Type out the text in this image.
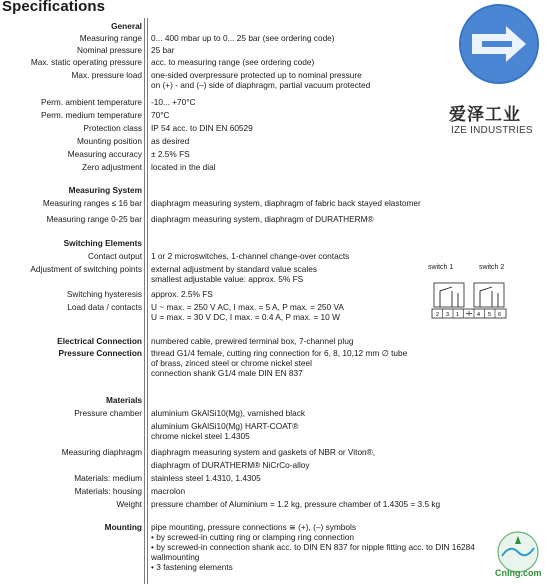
Specifications
General
Measuring range 0... 400 mbar up to 0... 25 bar (see ordering code)
Nominal pressure 25 bar
Max. static operating pressure acc. to measuring range (see ordering code)
Max. pressure load one-sided overpressure protected up to nominal pressure
on (+) - and (–) side of diaphragm, partial vacuum protected
Perm. ambient temperature -10... +70°C
Perm. medium temperature 70°C
Protection class IP 54 acc. to DIN EN 60529
Mounting position as desired
Measuring accuracy ± 2.5% FS
Zero adjustment located in the dial
Measuring System
Measuring ranges ≤ 16 bar diaphragm measuring system, diaphragm of fabric back stayed elastomer
Measuring range 0-25 bar diaphragm measuring system, diaphragm of DURATHERM®
Switching Elements
Contact output 1 or 2 microswitches, 1-channel change-over contacts
Adjustment of switching points external adjustment by standard value scales
smallest adjustable value: approx. 5% FS
Switching hysteresis approx. 2.5% FS
Load data / contacts U ~ max. = 250 V AC, I max. = 5 A, P max. = 250 VA
U = max. = 30 V DC, I max. = 0.4 A, P max. = 10 W
Electrical Connection numbered cable, prewired terminal box, 7-channel plug
Pressure Connection thread G1/4 female, cutting ring connection for 6, 8, 10,12 mm ∅ tube
of brass, zinced steel or chrome nickel steel
connection shank G1/4 male DIN EN 837
Materials
Pressure chamber aluminium GkAlSi10(Mg), varnished black
aluminium GkAlSi10(Mg) HART-COAT®
chrome nickel steel 1.4305
Measuring diaphragm diaphragm measuring system and gaskets of NBR or Viton®,
diaphragm of DURATHERM® NiCrCo-alloy
Materials: medium stainless steel 1.4310, 1.4305
Materials: housing macrolon
Weight pressure chamber of Aluminium = 1.2 kg, pressure chamber of 1.4305 = 3.5 kg
Mounting pipe mounting, pressure connections ≅ (+), (–) symbols
• by screwed-in cutting ring or clamping ring connection
• by screwed-in connection shank acc. to DIN EN 837 for nipple fitting acc. to DIN 16284
wallmounting
• 3 fastening elements
爱泽工业
IZE INDUSTRIES
switch 1	switch 2
2 3 1	4 5 6
CnIng.com
